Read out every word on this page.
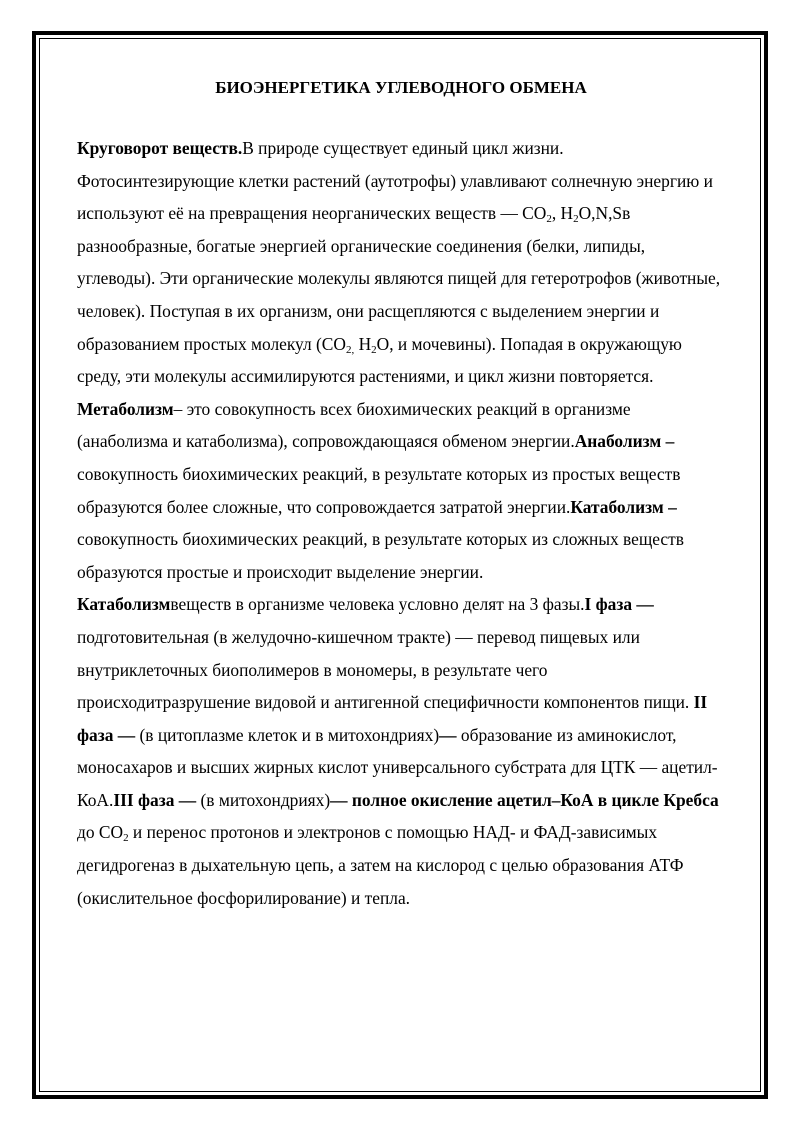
БИОЭНЕРГЕТИКА УГЛЕВОДНОГО ОБМЕНА

Круговорот веществ.В природе существует единый цикл жизни. Фотосинтезирующие клетки растений (аутотрофы) улавливают солнечную энергию и используют её на превращения неорганических веществ — $СО_2$, $Н_2О,N,Sв$ разнообразные, богатые энергией органические соединения (белки, липиды, углеводы). Эти органические молекулы являются пищей для гетеротрофов (животные, человек). Поступая в их организм, они расщепляются с выделением энергии и образованием простых молекул ($СО_{2,}$ $Н_2О$, и мочевины). Попадая в окружающую среду, эти молекулы ассимилируются растениями, и цикл жизни повторяется.

Метаболизм– это совокупность всех биохимических реакций в организме (анаболизма и катаболизма), сопровождающаяся обменом энергии.Анаболизм – совокупность биохимических реакций, в результате которых из простых веществ образуются более сложные, что сопровождается затратой энергии.Катаболизм – совокупность биохимических реакций, в результате которых из сложных веществ образуются простые и происходит выделение энергии.

Катаболизмвеществ в организме человека условно делят на 3 фазы.I фаза — подготовительная (в желудочно-кишечном тракте) — перевод пищевых или внутриклеточных биополимеров в мономеры, в результате чего происходитразрушение видовой и антигенной специфичности компонентов пищи. II фаза — (в цитоплазме клеток и в митохондриях)— образование из аминокислот, моносахаров и высших жирных кислот универсального субстрата для ЦТК — ацетил-КоА.III фаза — (в митохондриях)— полное окисление ацетил–КоА в цикле Кребса до $СО_2$ и перенос протонов и электронов с помощью НАД- и ФАД-зависимых дегидрогеназ в дыхательную цепь, а затем на кислород с целью образования АТФ (окислительное фосфорилирование) и тепла.
